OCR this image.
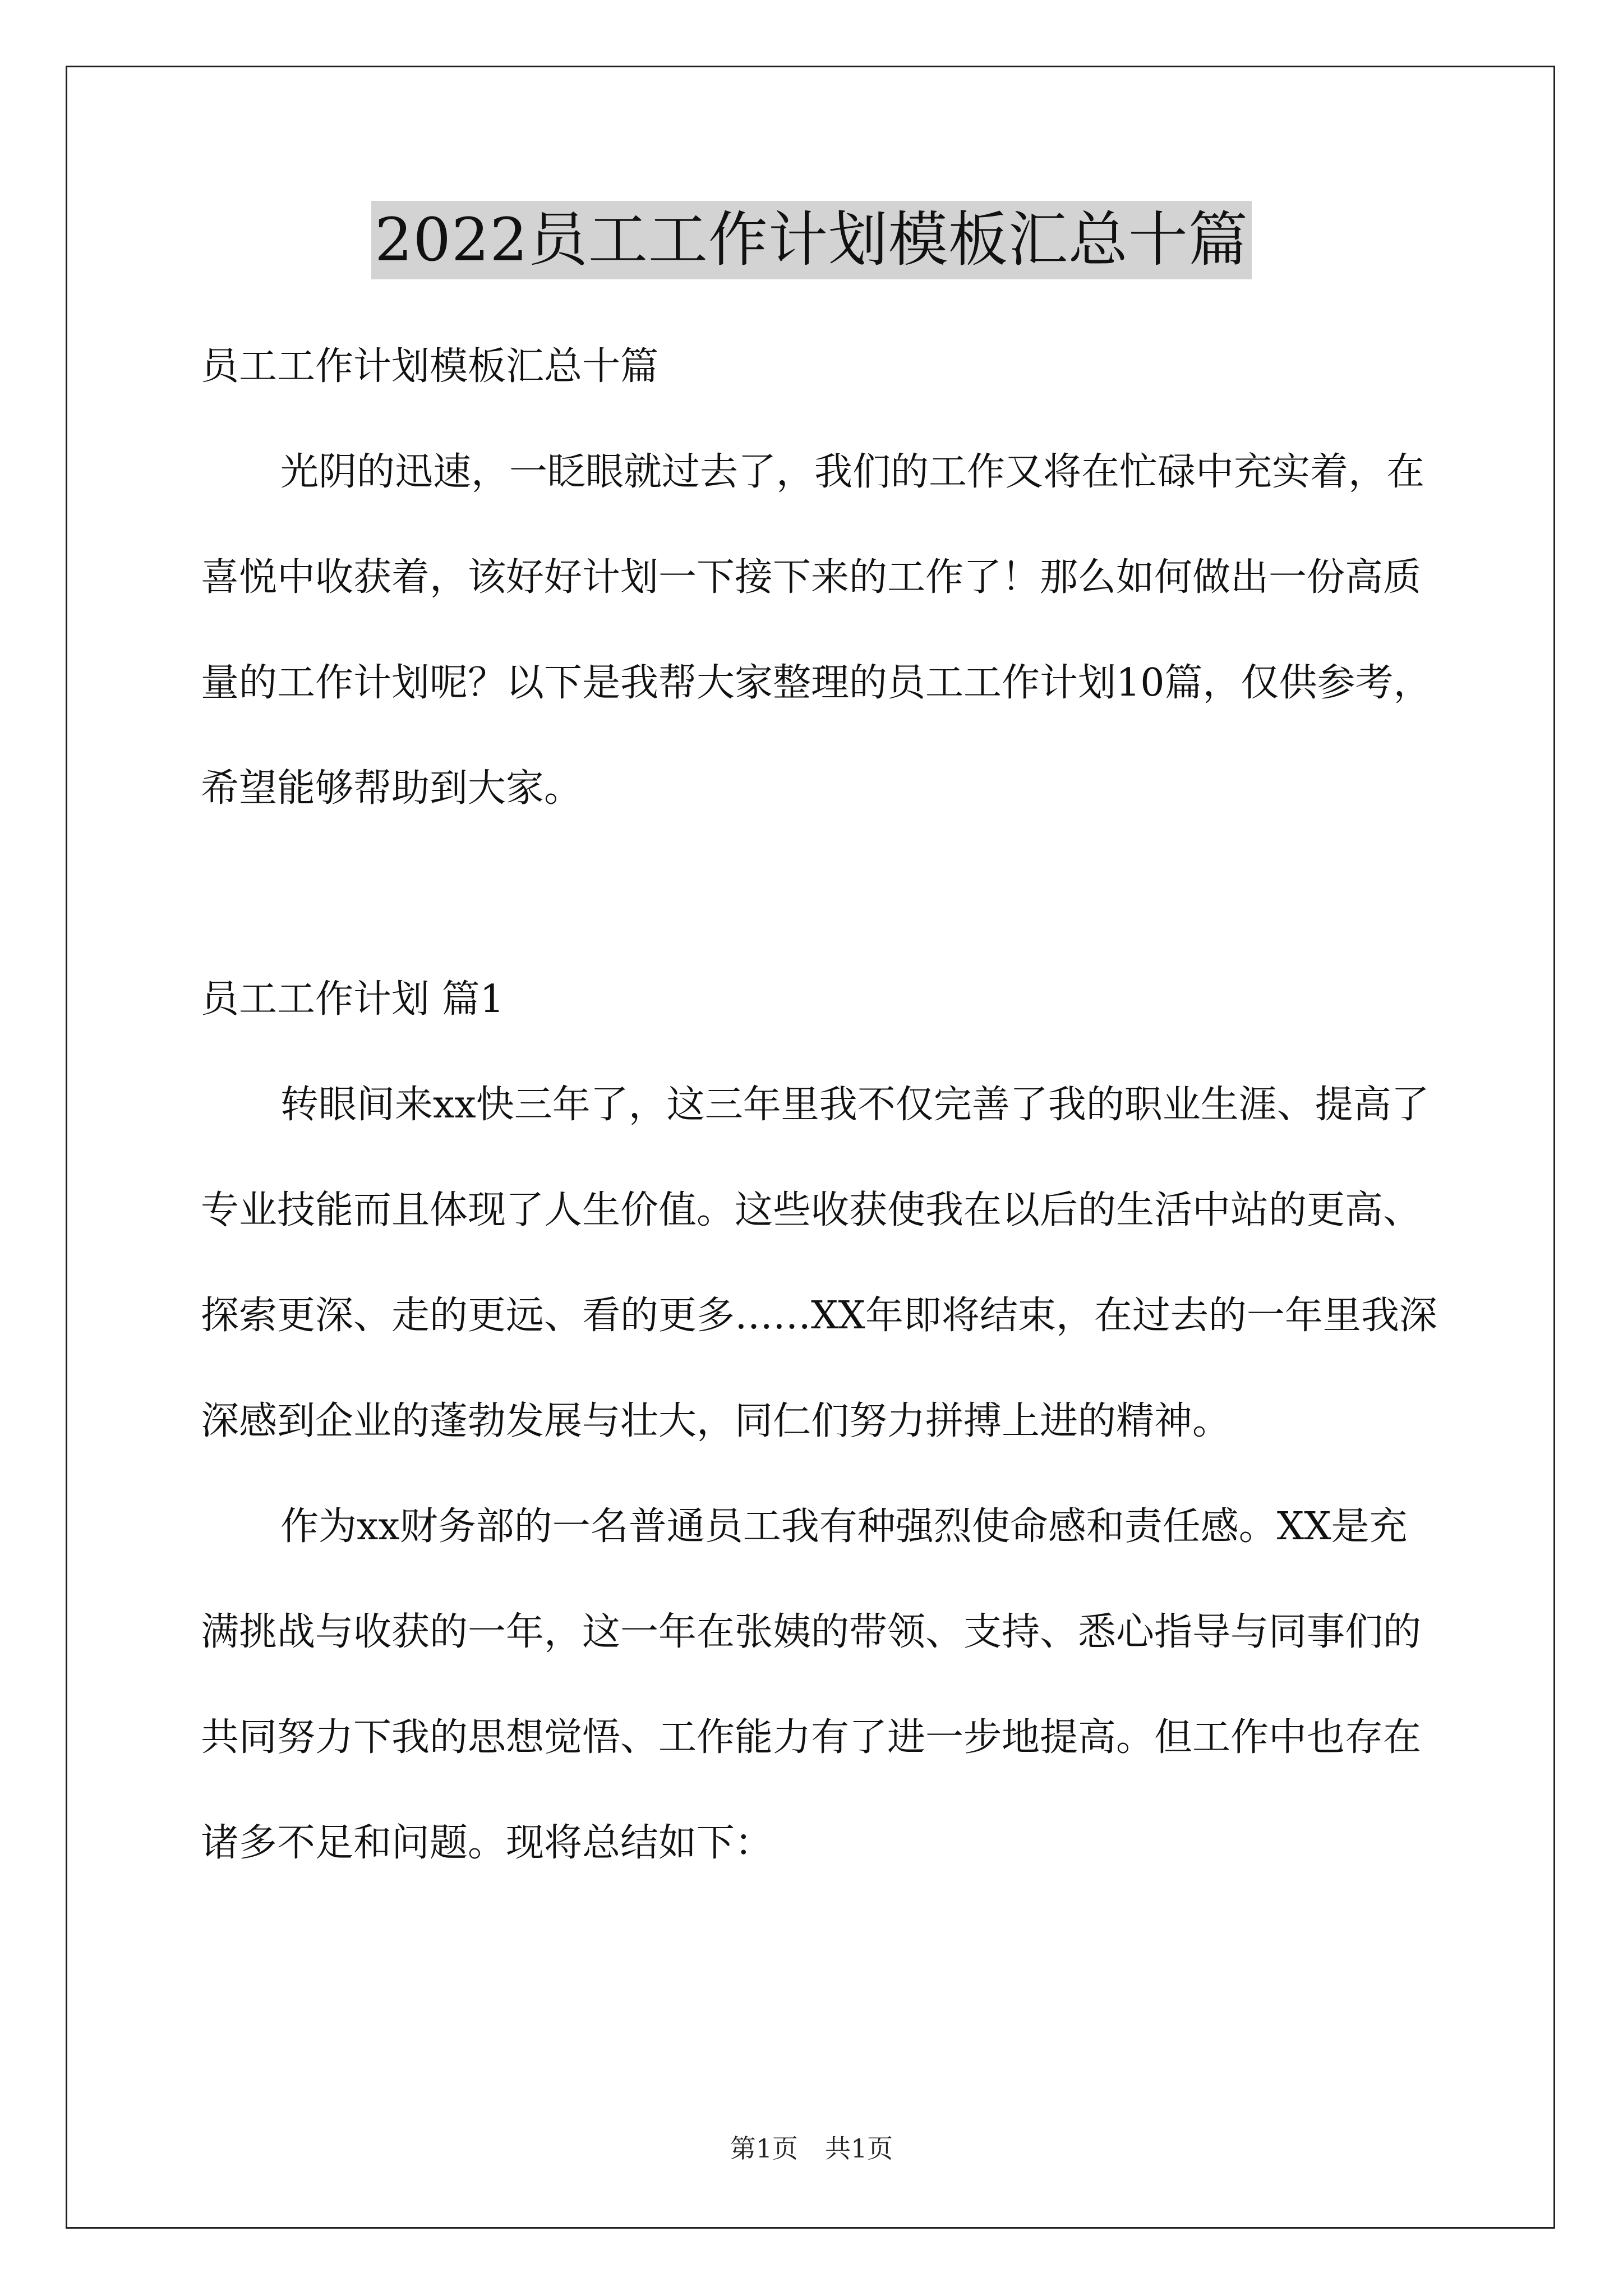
2022员工工作计划模板汇总十篇

员工工作计划模板汇总十篇

光阴的迅速，一眨眼就过去了，我们的工作又将在忙碌中充实着，在喜悦中收获着，该好好计划一下接下来的工作了！那么如何做出一份高质量的工作计划呢？以下是我帮大家整理的员工工作计划10篇，仅供参考，希望能够帮助到大家。

员工工作计划 篇1

转眼间来xx快三年了，这三年里我不仅完善了我的职业生涯、提高了专业技能而且体现了人生价值。这些收获使我在以后的生活中站的更高、探索更深、走的更远、看的更多……XX年即将结束，在过去的一年里我深深感到企业的蓬勃发展与壮大，同仁们努力拼搏上进的精神。

作为xx财务部的一名普通员工我有种强烈使命感和责任感。XX是充满挑战与收获的一年，这一年在张姨的带领、支持、悉心指导与同事们的共同努力下我的思想觉悟、工作能力有了进一步地提高。但工作中也存在诸多不足和问题。现将总结如下：

第1页 共1页
